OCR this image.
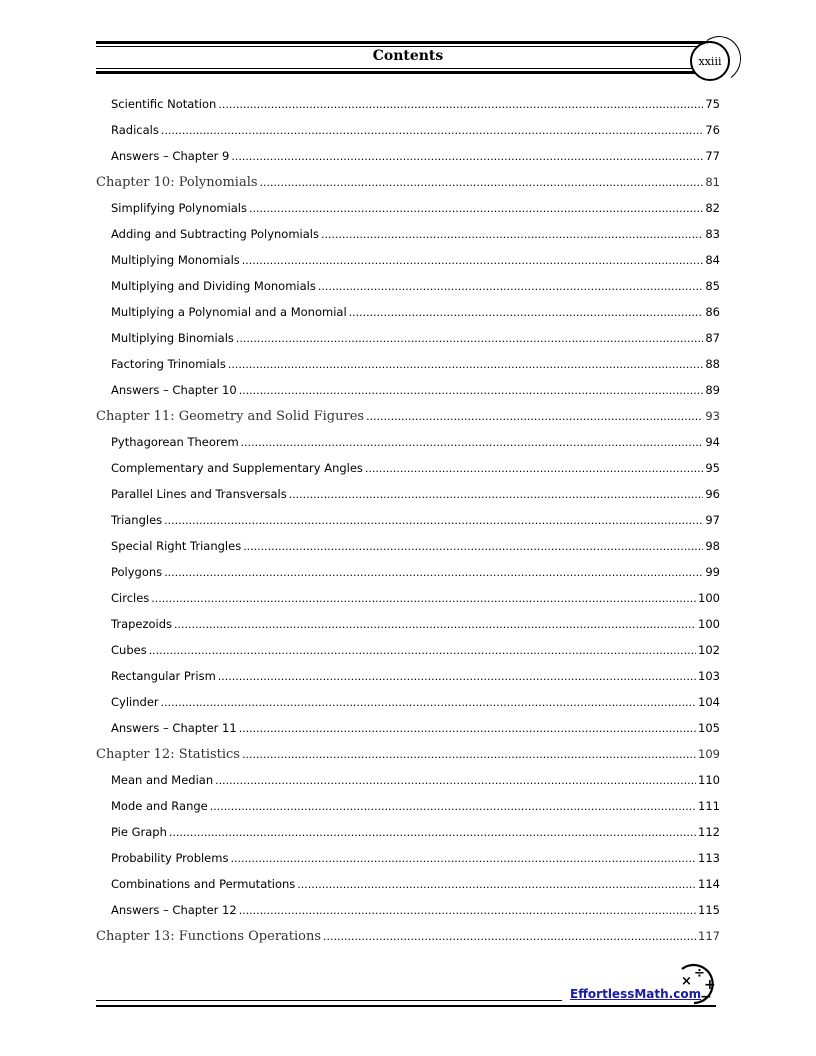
Contents	xxiii
Scientific Notation .....	75
Radicals .....	76
Answers – Chapter 9 .....	77
Chapter 10: Polynomials .....	81
Simplifying Polynomials .....	82
Adding and Subtracting Polynomials .....	83
Multiplying Monomials .....	84
Multiplying and Dividing Monomials .....	85
Multiplying a Polynomial and a Monomial .....	86
Multiplying Binomials .....	87
Factoring Trinomials .....	88
Answers – Chapter 10 .....	89
Chapter 11: Geometry and Solid Figures .....	93
Pythagorean Theorem .....	94
Complementary and Supplementary Angles .....	95
Parallel Lines and Transversals .....	96
Triangles .....	97
Special Right Triangles .....	98
Polygons .....	99
Circles .....	100
Trapezoids .....	100
Cubes .....	102
Rectangular Prism .....	103
Cylinder .....	104
Answers – Chapter 11 .....	105
Chapter 12: Statistics .....	109
Mean and Median .....	110
Mode and Range .....	111
Pie Graph .....	112
Probability Problems .....	113
Combinations and Permutations .....	114
Answers – Chapter 12 .....	115
Chapter 13: Functions Operations .....	117
EffortlessMath.com
×
÷
+
−
